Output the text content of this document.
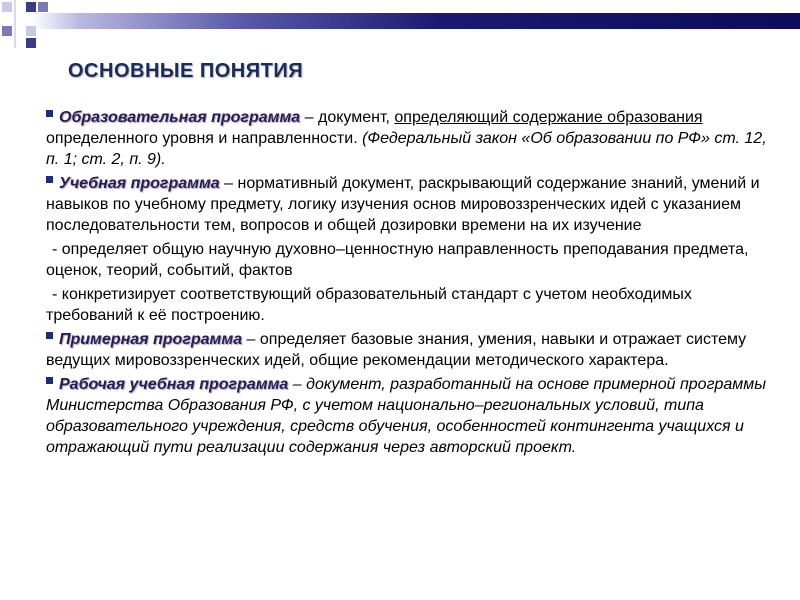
ОСНОВНЫЕ ПОНЯТИЯ

Образовательная программа – документ, определяющий содержание образования определенного уровня и направленности. (Федеральный закон «Об образовании по РФ» ст. 12, п. 1; ст. 2, п. 9).

Учебная программа – нормативный документ, раскрывающий содержание знаний, умений и навыков по учебному предмету, логику изучения основ мировоззренческих идей с указанием последовательности тем, вопросов и общей дозировки времени на их изучение

- определяет общую научную духовно–ценностную направленность преподавания предмета, оценок, теорий, событий, фактов

- конкретизирует соответствующий образовательный стандарт с учетом необходимых требований к её построению.

Примерная программа – определяет базовые знания, умения, навыки и отражает систему ведущих мировоззренческих идей, общие рекомендации методического характера.

Рабочая учебная программа – документ, разработанный на основе примерной программы Министерства Образования РФ, с учетом национально–региональных условий, типа образовательного учреждения, средств обучения, особенностей контингента учащихся и отражающий пути реализации содержания через авторский проект.
